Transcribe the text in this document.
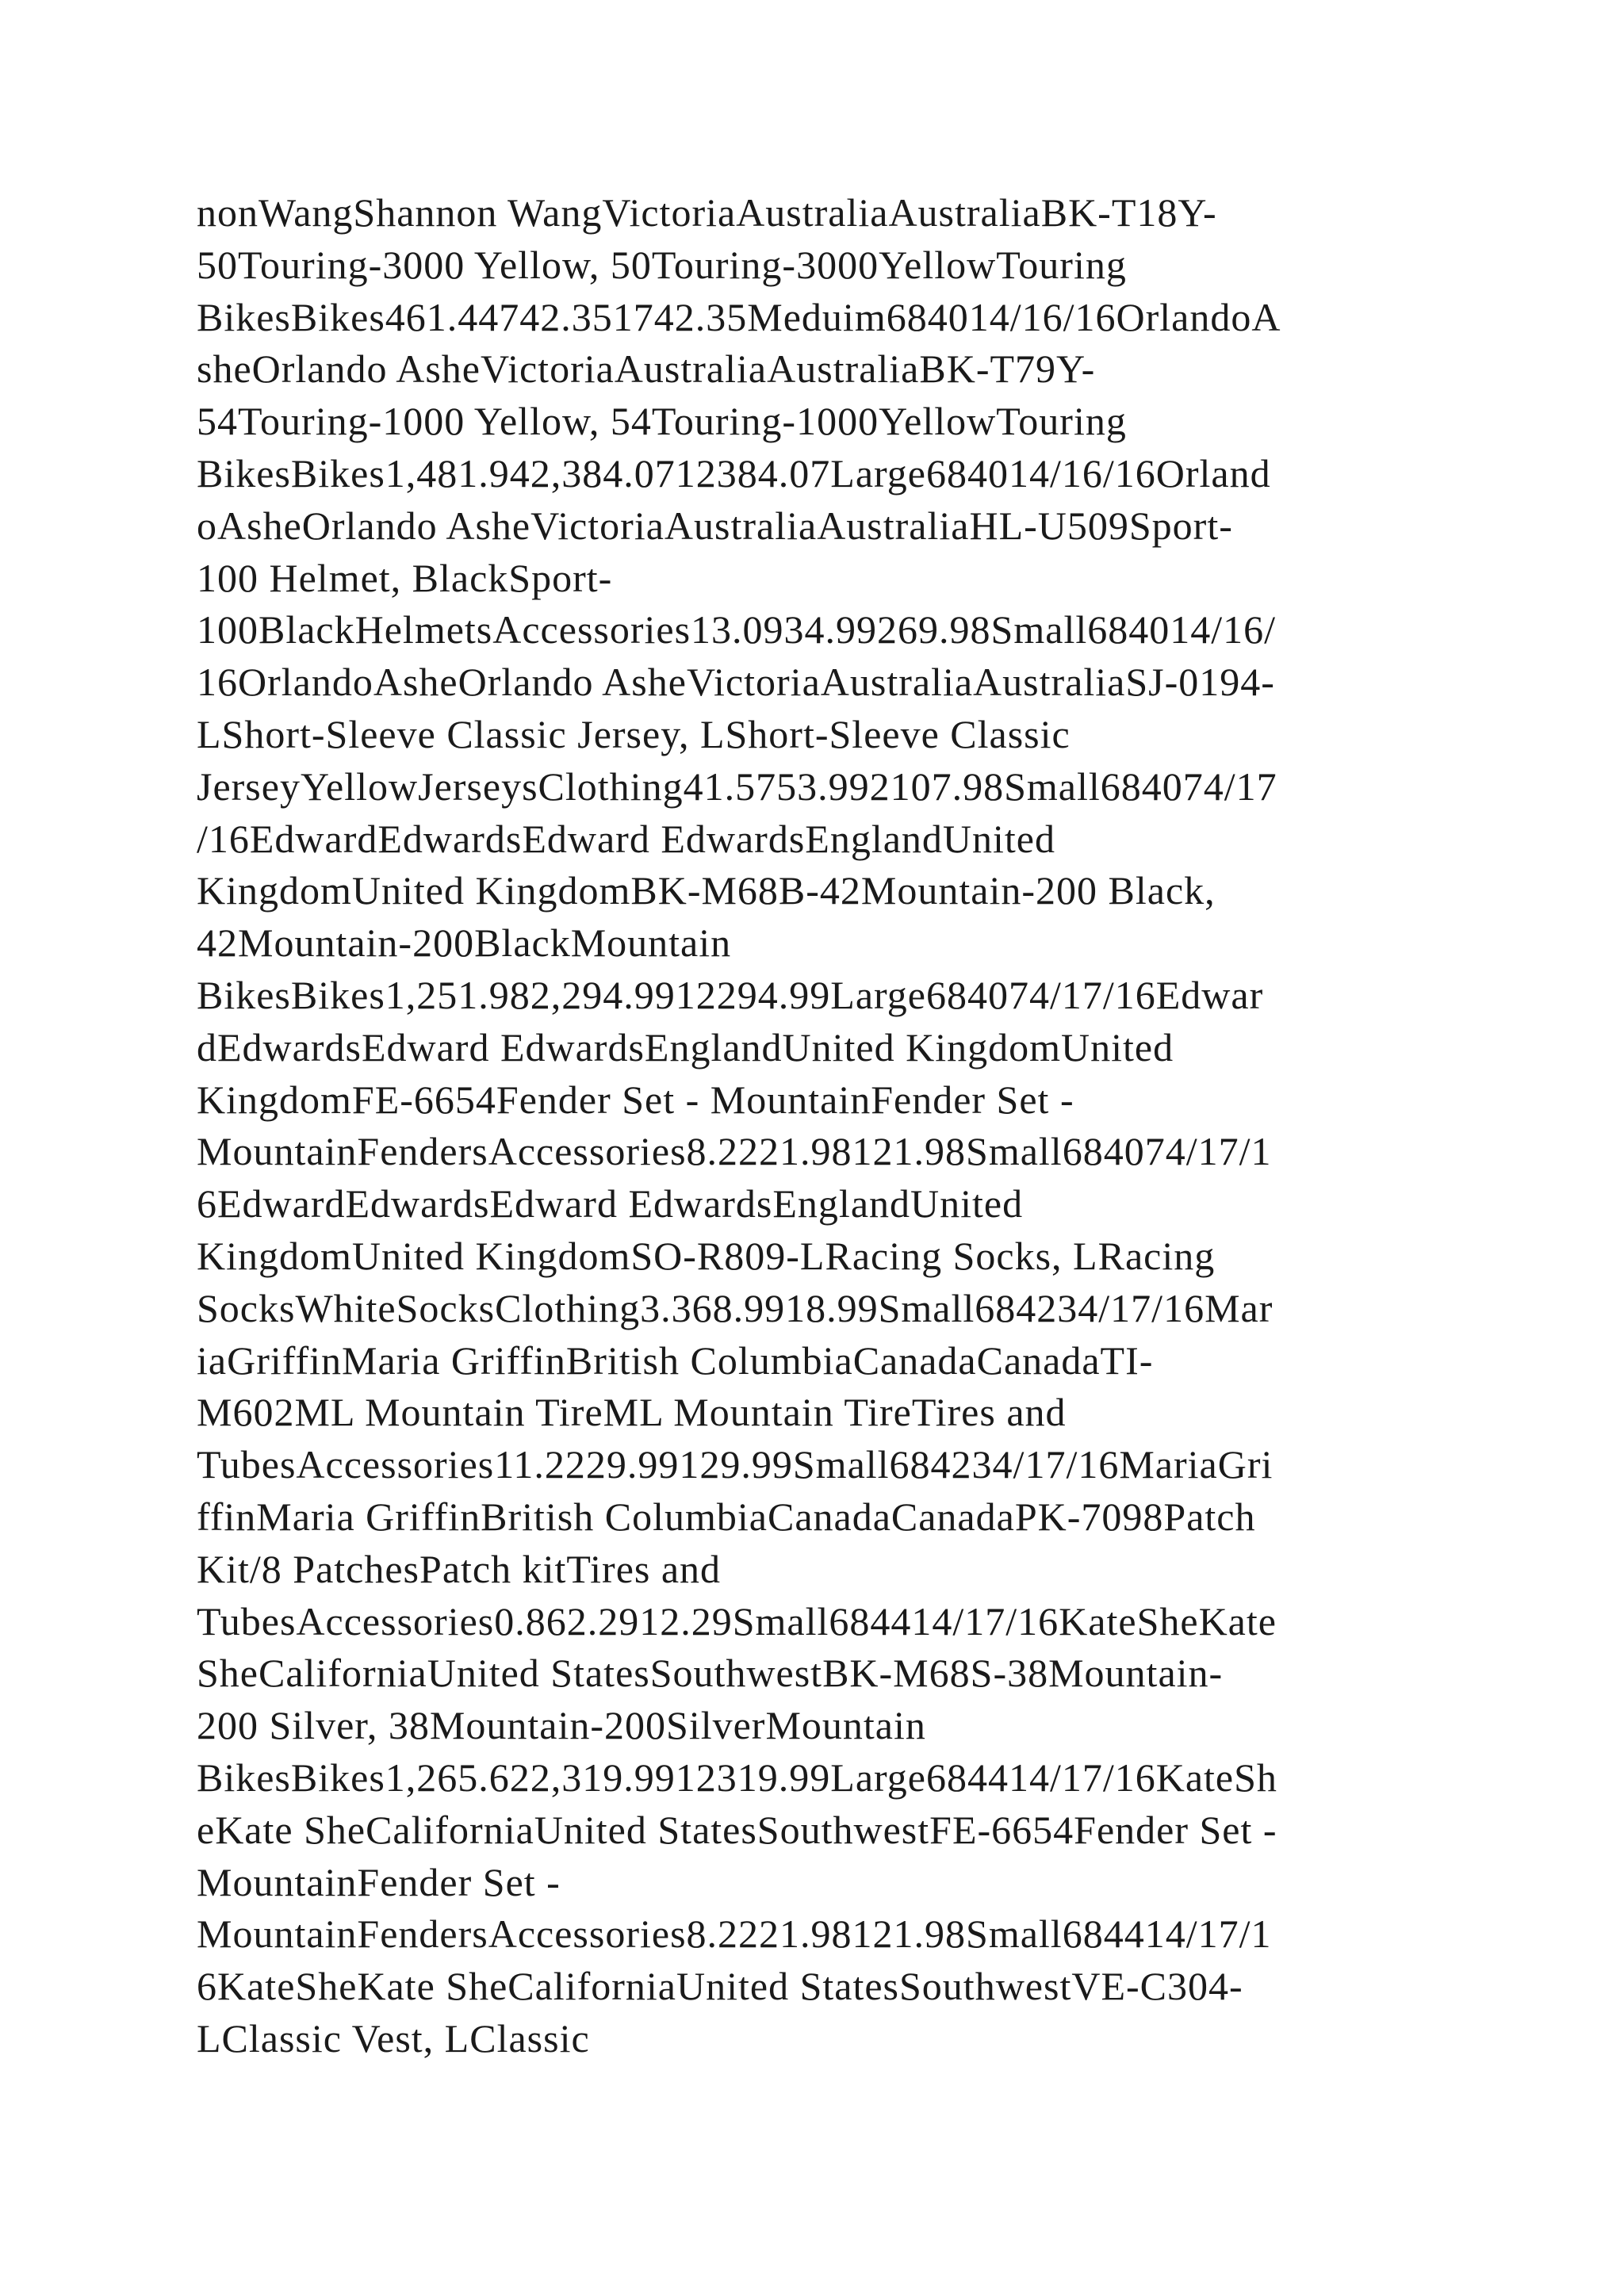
nonWangShannon WangVictoriaAustraliaAustraliaBK-T18Y-
50Touring-3000 Yellow, 50Touring-3000YellowTouring
BikesBikes461.44742.351742.35Meduim684014/16/16OrlandoA
sheOrlando AsheVictoriaAustraliaAustraliaBK-T79Y-
54Touring-1000 Yellow, 54Touring-1000YellowTouring
BikesBikes1,481.942,384.0712384.07Large684014/16/16Orland
oAsheOrlando AsheVictoriaAustraliaAustraliaHL-U509Sport-
100 Helmet, BlackSport-
100BlackHelmetsAccessories13.0934.99269.98Small684014/16/
16OrlandoAsheOrlando AsheVictoriaAustraliaAustraliaSJ-0194-
LShort-Sleeve Classic Jersey, LShort-Sleeve Classic
JerseyYellowJerseysClothing41.5753.992107.98Small684074/17
/16EdwardEdwardsEdward EdwardsEnglandUnited
KingdomUnited KingdomBK-M68B-42Mountain-200 Black,
42Mountain-200BlackMountain
BikesBikes1,251.982,294.9912294.99Large684074/17/16Edwar
dEdwardsEdward EdwardsEnglandUnited KingdomUnited
KingdomFE-6654Fender Set - MountainFender Set -
MountainFendersAccessories8.2221.98121.98Small684074/17/1
6EdwardEdwardsEdward EdwardsEnglandUnited
KingdomUnited KingdomSO-R809-LRacing Socks, LRacing
SocksWhiteSocksClothing3.368.9918.99Small684234/17/16Mar
iaGriffinMaria GriffinBritish ColumbiaCanadaCanadaTI-
M602ML Mountain TireML Mountain TireTires and
TubesAccessories11.2229.99129.99Small684234/17/16MariaGri
ffinMaria GriffinBritish ColumbiaCanadaCanadaPK-7098Patch
Kit/8 PatchesPatch kitTires and
TubesAccessories0.862.2912.29Small684414/17/16KateSheKate
SheCaliforniaUnited StatesSouthwestBK-M68S-38Mountain-
200 Silver, 38Mountain-200SilverMountain
BikesBikes1,265.622,319.9912319.99Large684414/17/16KateSh
eKate SheCaliforniaUnited StatesSouthwestFE-6654Fender Set -
MountainFender Set -
MountainFendersAccessories8.2221.98121.98Small684414/17/1
6KateSheKate SheCaliforniaUnited StatesSouthwestVE-C304-
LClassic Vest, LClassic
